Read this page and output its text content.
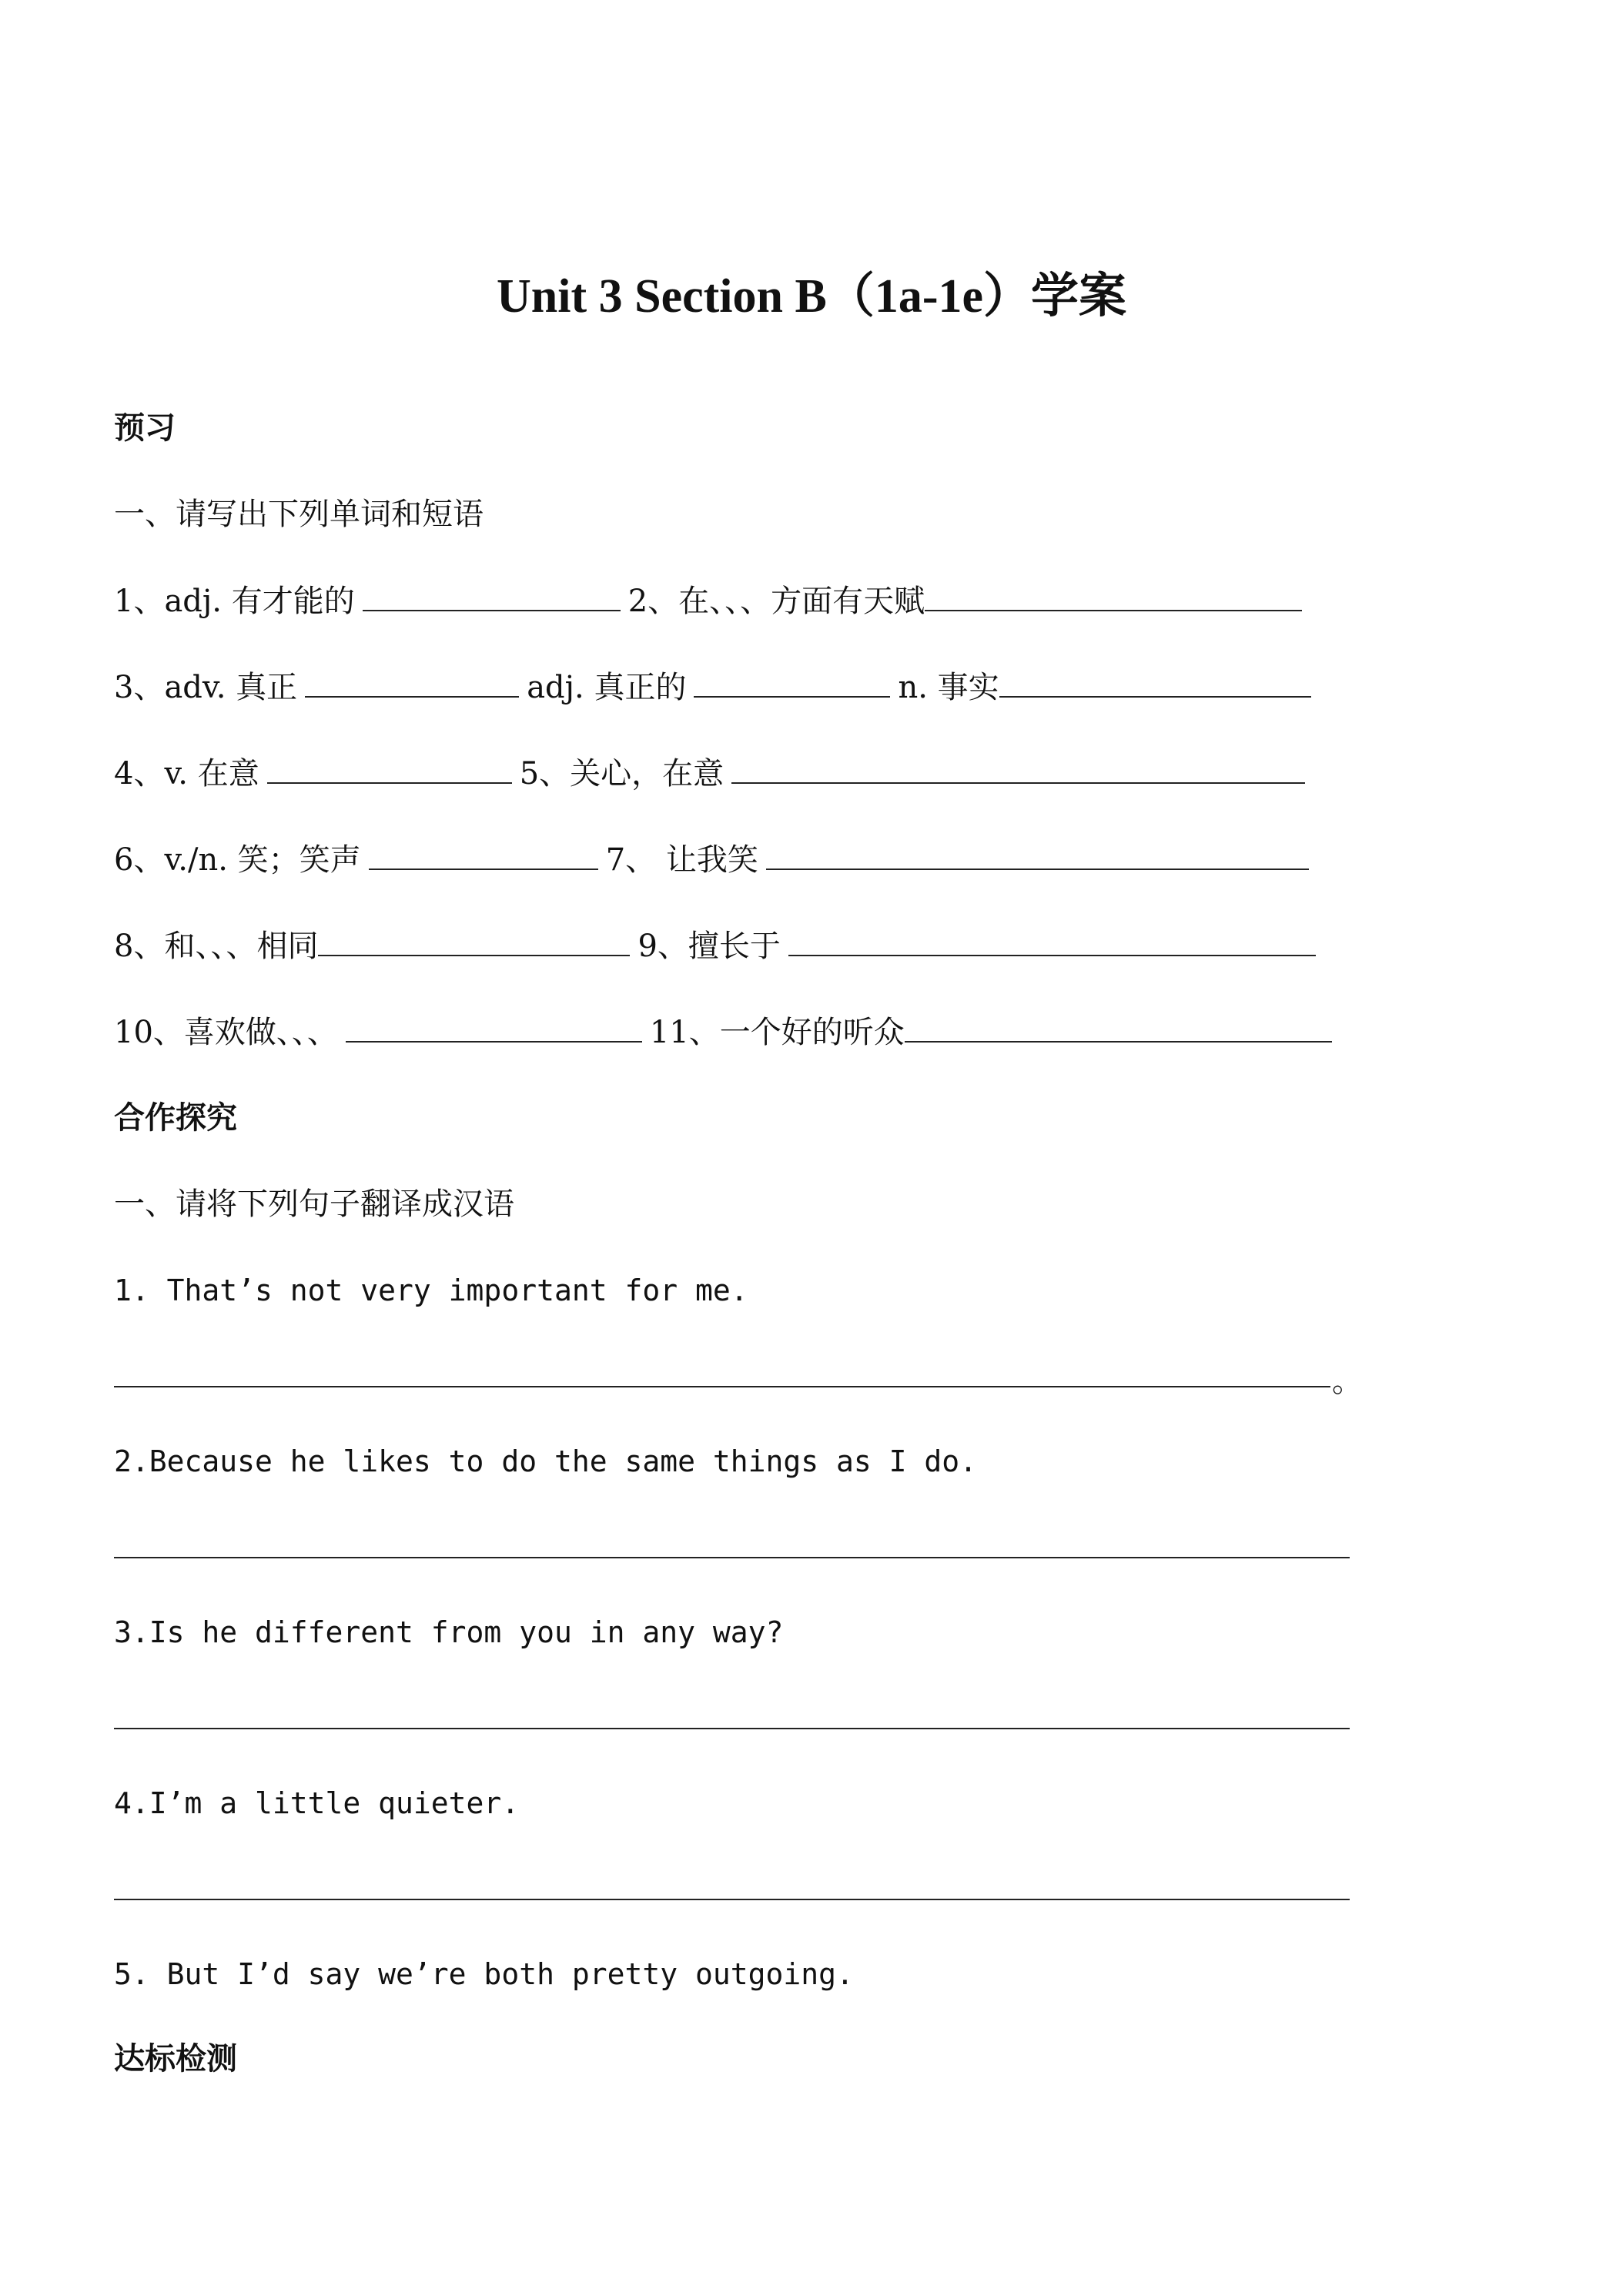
Unit 3 Section B（1a-1e）学案
预习
一、请写出下列单词和短语
1、adj. 有才能的	2、在、、、方面有天赋
3、adv. 真正	adj. 真正的	n. 事实
4、v. 在意	5、关心，在意
6、v./n. 笑；笑声	7、 让我笑
8、和、、、相同	9、擅长于
10、喜欢做、、、	11、一个好的听众
合作探究
一、请将下列句子翻译成汉语
1. That’s not very important for me.
。
2.Because he likes to do the same things as I do.
3.Is he different from you in any way?
4.I’m a little quieter.
5. But I’d say we’re both pretty outgoing.
达标检测
